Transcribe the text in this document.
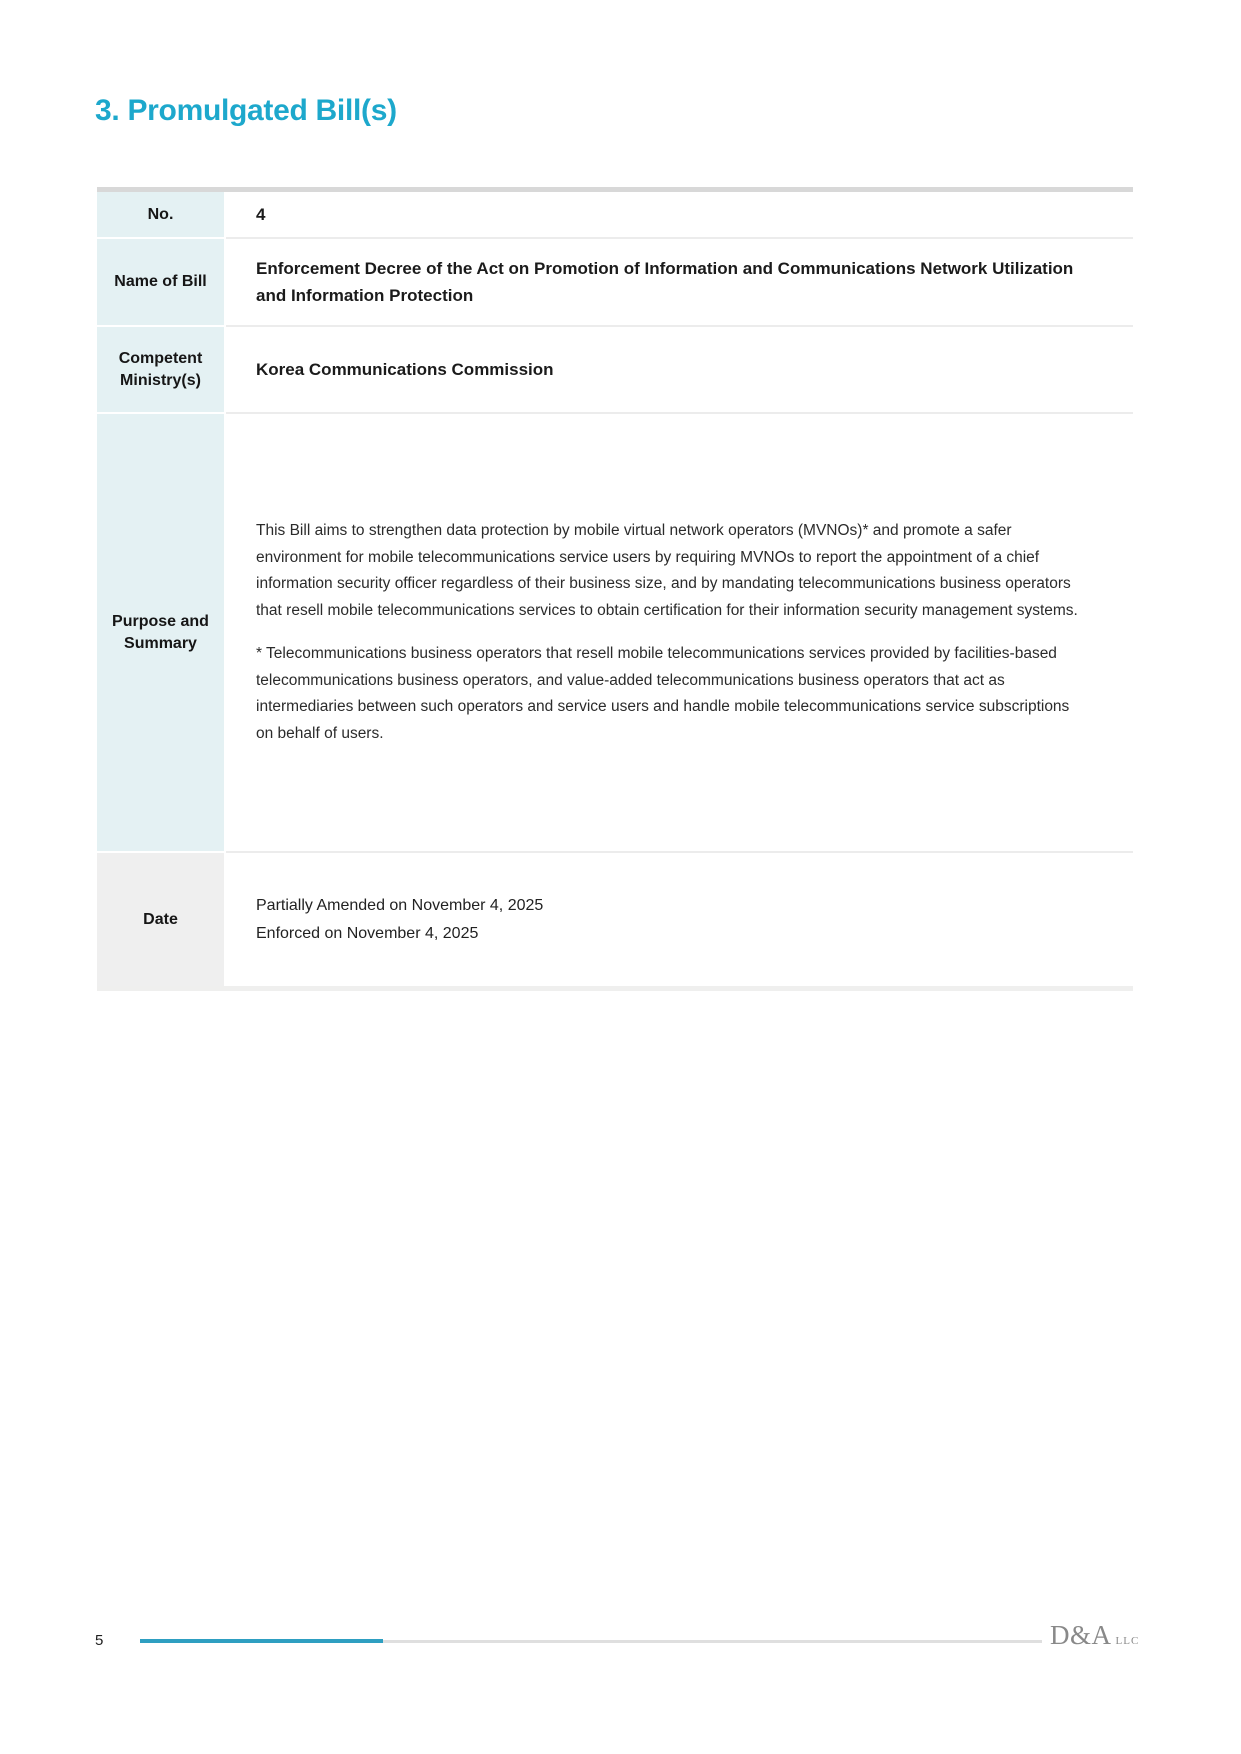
3. Promulgated Bill(s)
No.	4
Name of Bill
Enforcement Decree of the Act on Promotion of Information and Communications Network Utilization and Information Protection
Competent Ministry(s)
Korea Communications Commission
Purpose and Summary

This Bill aims to strengthen data protection by mobile virtual network operators (MVNOs)* and promote a safer environment for mobile telecommunications service users by requiring MVNOs to report the appointment of a chief information security officer regardless of their business size, and by mandating telecommunications business operators that resell mobile telecommunications services to obtain certification for their information security management systems.

* Telecommunications business operators that resell mobile telecommunications services provided by facilities-based telecommunications business operators, and value-added telecommunications business operators that act as intermediaries between such operators and service users and handle mobile telecommunications service subscriptions on behalf of users.

Date
Partially Amended on November 4, 2025
Enforced on November 4, 2025
5	D&A LLC
